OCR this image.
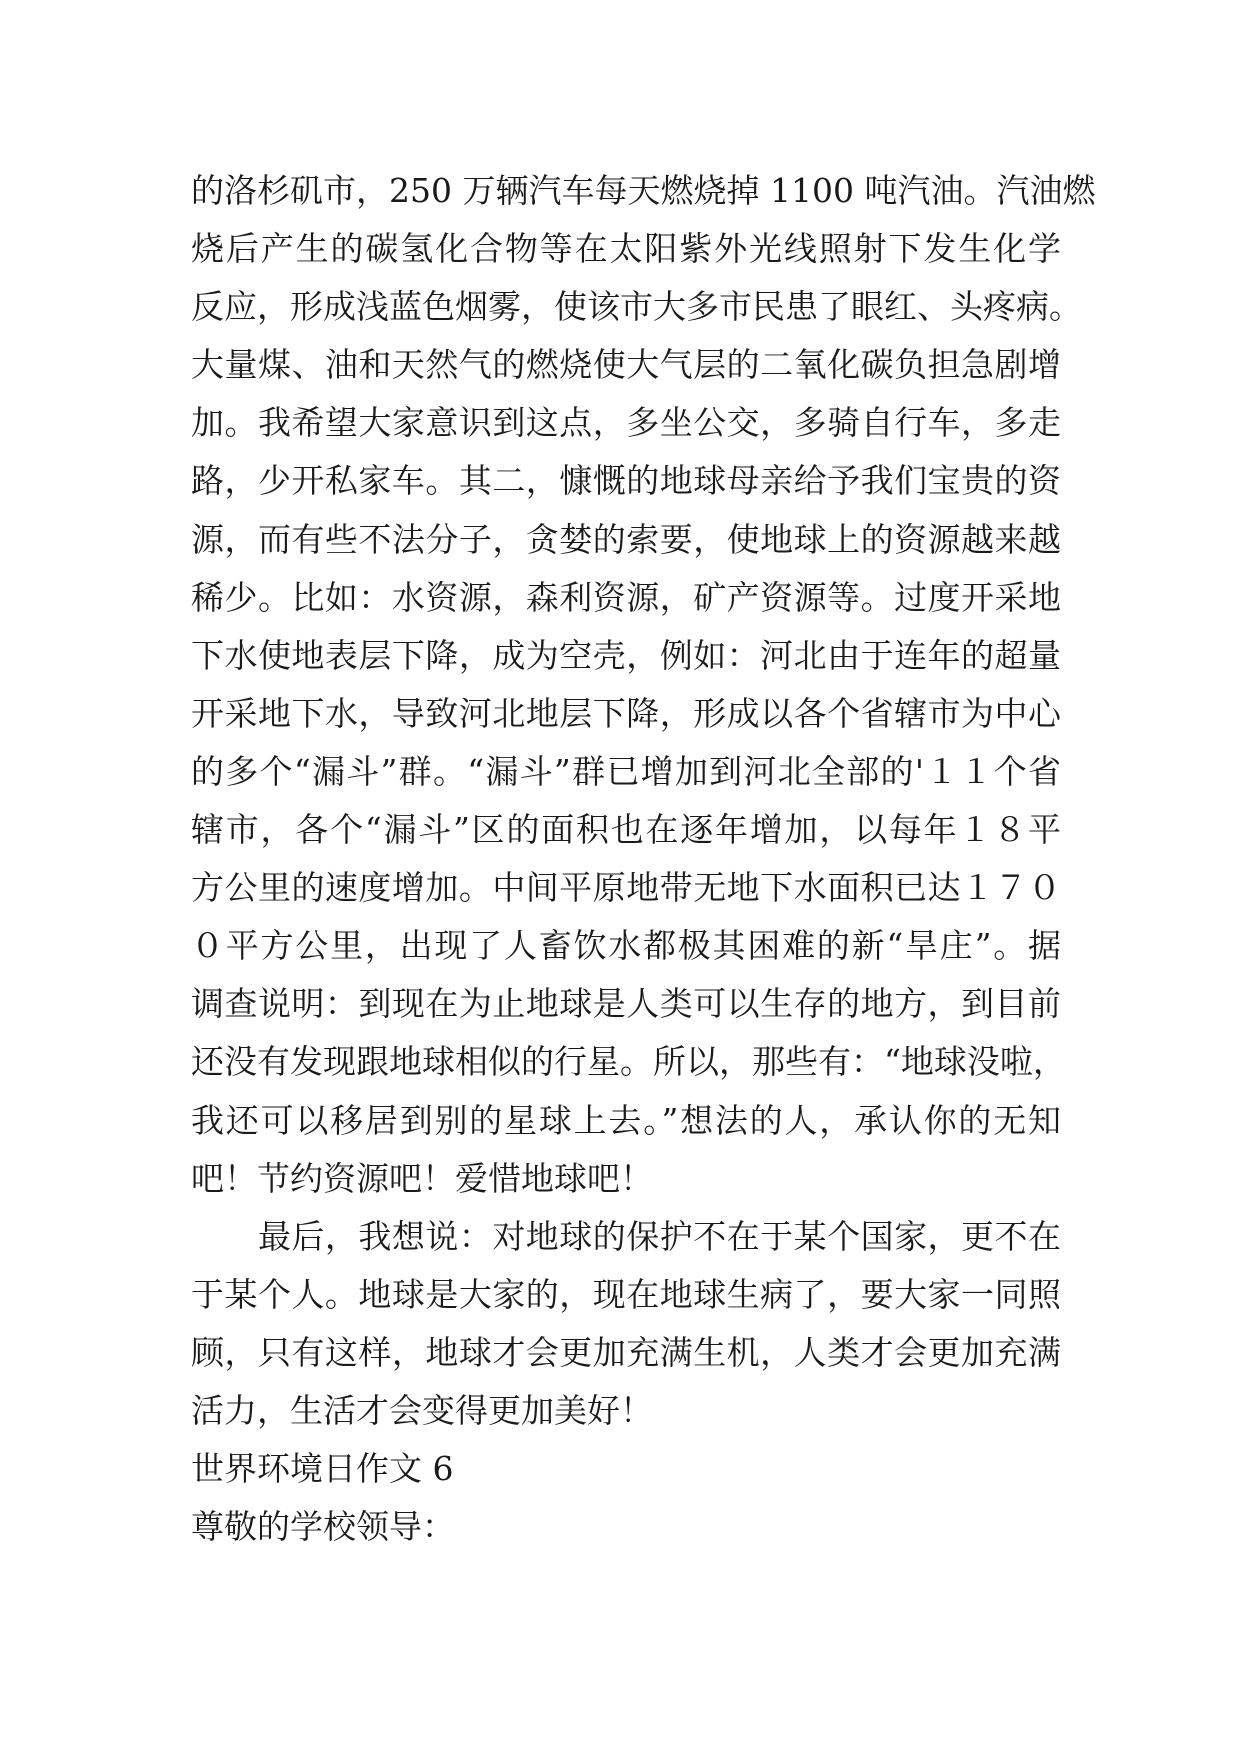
的洛杉矶市，250 万辆汽车每天燃烧掉 1100 吨汽油。汽油燃
烧后产生的碳氢化合物等在太阳紫外光线照射下发生化学
反应，形成浅蓝色烟雾，使该市大多市民患了眼红、头疼病。
大量煤、油和天然气的燃烧使大气层的二氧化碳负担急剧增
加。我希望大家意识到这点，多坐公交，多骑自行车，多走
路，少开私家车。其二，慷慨的地球母亲给予我们宝贵的资
源，而有些不法分子，贪婪的索要，使地球上的资源越来越
稀少。比如：水资源，森利资源，矿产资源等。过度开采地
下水使地表层下降，成为空壳，例如：河北由于连年的超量
开采地下水，导致河北地层下降，形成以各个省辖市为中心
的多个“漏斗”群。“漏斗”群已增加到河北全部的'１１个省
辖市，各个“漏斗”区的面积也在逐年增加，以每年１８平
方公里的速度增加。中间平原地带无地下水面积已达１７０
０平方公里，出现了人畜饮水都极其困难的新“旱庄”。据
调查说明：到现在为止地球是人类可以生存的地方，到目前
还没有发现跟地球相似的行星。所以，那些有：“地球没啦，
我还可以移居到别的星球上去。”想法的人，承认你的无知
吧！节约资源吧！爱惜地球吧！
　　最后，我想说：对地球的保护不在于某个国家，更不在
于某个人。地球是大家的，现在地球生病了，要大家一同照
顾，只有这样，地球才会更加充满生机，人类才会更加充满
活力，生活才会变得更加美好！
世界环境日作文 6
尊敬的学校领导：
